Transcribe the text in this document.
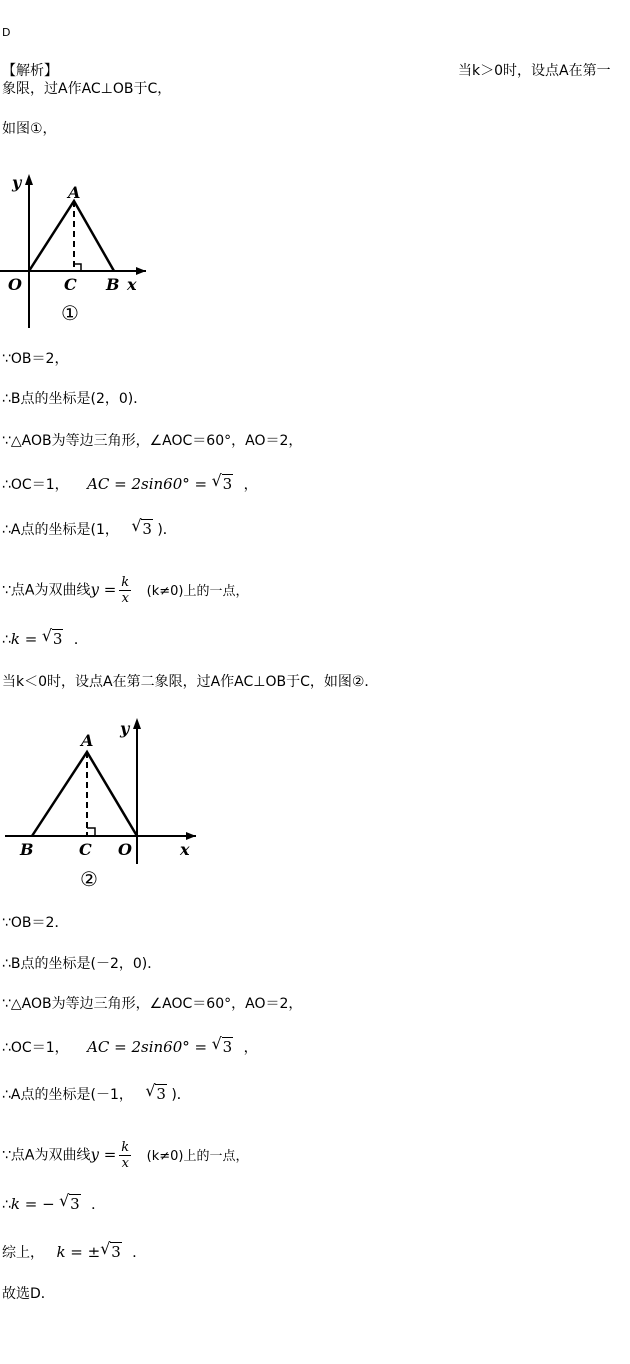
D
【解析】	当k＞0时，设点A在第一
象限，过A作AC⊥OB于C，
如图①，
y
A
O	C B x
①
∵OB＝2，
∴B点的坐标是(2，0)．
∵△AOB为等边三角形，∠AOC＝60°，AO＝2，
∴OC＝1， AC = 2sin60° = √ 3 ，
∴A点的坐标是(1， √ 3 )．
∵点A为双曲线$y = \frac{k}{x} (k\ne 0)$上的一点，
∴k = √ 3 ．
当k＜0时，设点A在第二象限，过A作AC⊥OB于C，如图②．
y
A
B	C O	x
②
∵OB＝2．
∴B点的坐标是(－2，0)．
∵△AOB为等边三角形，∠AOC＝60°，AO＝2，
∴OC＝1， AC = 2sin60° = √ 3 ，
∴A点的坐标是(－1， √ 3 )．
∵点A为双曲线$y = \frac{k}{x} (k\ne 0)$上的一点，
∴k = − √ 3 ．
综上， k = ± √ 3 ．
故选D．
